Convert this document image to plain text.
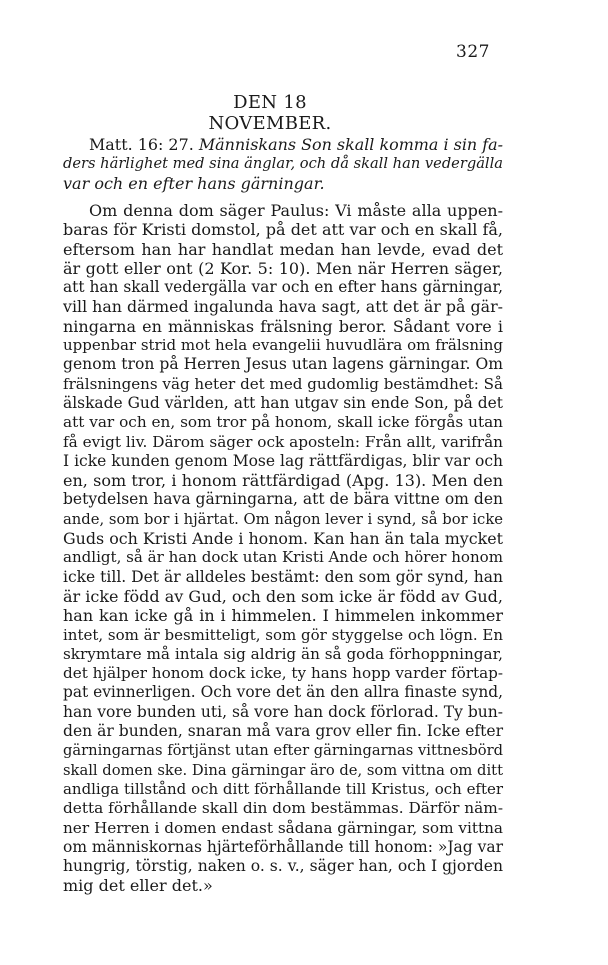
327
DEN 18 NOVEMBER.
Matt. 16: 27. Människans Son skall komma i sin fa-
ders härlighet med sina änglar, och då skall han vedergälla
var och en efter hans gärningar.
Om denna dom säger Paulus: Vi måste alla uppen-
baras för Kristi domstol, på det att var och en skall få,
eftersom han har handlat medan han levde, evad det
är gott eller ont (2 Kor. 5: 10). Men när Herren säger,
att han skall vedergälla var och en efter hans gärningar,
vill han därmed ingalunda hava sagt, att det är på gär-
ningarna en människas frälsning beror. Sådant vore i
uppenbar strid mot hela evangelii huvudlära om frälsning
genom tron på Herren Jesus utan lagens gärningar. Om
frälsningens väg heter det med gudomlig bestämdhet: Så
älskade Gud världen, att han utgav sin ende Son, på det
att var och en, som tror på honom, skall icke förgås utan
få evigt liv. Därom säger ock aposteln: Från allt, varifrån
I icke kunden genom Mose lag rättfärdigas, blir var och
en, som tror, i honom rättfärdigad (Apg. 13). Men den
betydelsen hava gärningarna, att de bära vittne om den
ande, som bor i hjärtat. Om någon lever i synd, så bor icke
Guds och Kristi Ande i honom. Kan han än tala mycket
andligt, så är han dock utan Kristi Ande och hörer honom
icke till. Det är alldeles bestämt: den som gör synd, han
är icke född av Gud, och den som icke är född av Gud,
han kan icke gå in i himmelen. I himmelen inkommer
intet, som är besmitteligt, som gör styggelse och lögn. En
skrymtare må intala sig aldrig än så goda förhoppningar,
det hjälper honom dock icke, ty hans hopp varder förtap-
pat evinnerligen. Och vore det än den allra finaste synd,
han vore bunden uti, så vore han dock förlorad. Ty bun-
den är bunden, snaran må vara grov eller fin. Icke efter
gärningarnas förtjänst utan efter gärningarnas vittnesbörd
skall domen ske. Dina gärningar äro de, som vittna om ditt
andliga tillstånd och ditt förhållande till Kristus, och efter
detta förhållande skall din dom bestämmas. Därför näm-
ner Herren i domen endast sådana gärningar, som vittna
om människornas hjärteförhållande till honom: »Jag var
hungrig, törstig, naken o. s. v., säger han, och I gjorden
mig det eller det.»
